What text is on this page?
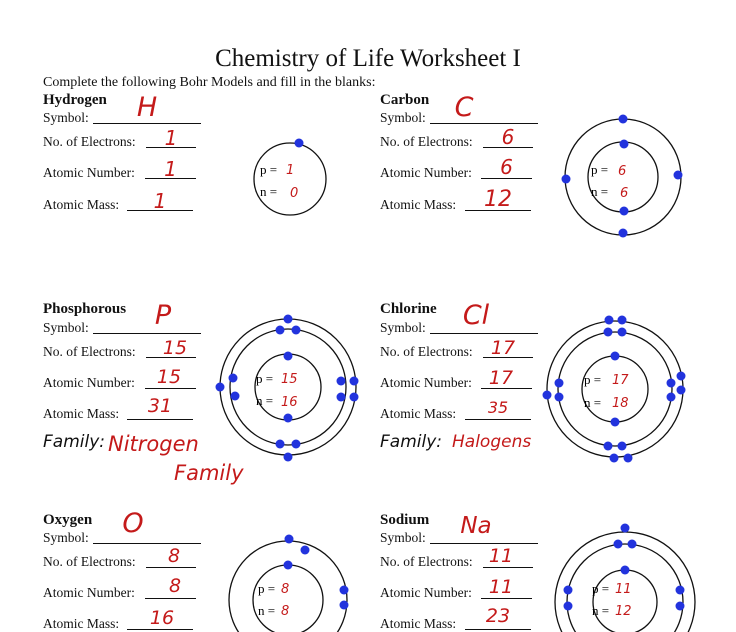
Chemistry of Life Worksheet I
Complete the following Bohr Models and fill in the blanks:
Hydrogen
Symbol:	H
No. of Electrons:	1
Atomic Number:	1
Atomic Mass:	1
p = 1
n = 0
Carbon
Symbol:	C
No. of Electrons:	6
Atomic Number:	6
Atomic Mass:	12
p = 6
n = 6
Phosphorous
Symbol:	P
No. of Electrons:	15
Atomic Number:	15
Atomic Mass:	31
Family: Nitrogen
Family
p = 15
n = 16
Chlorine
Symbol:	Cl
No. of Electrons: 17
Atomic Number: 17
Atomic Mass:	35
Family: Halogens
p = 17
n = 18
Oxygen
Symbol:	O
No. of Electrons:	8
Atomic Number:	8
Atomic Mass:	16
p = 8
n = 8
Sodium
Symbol:	Na
No. of Electrons: 11
Atomic Number: 11
Atomic Mass:	23
p = 11
n = 12
